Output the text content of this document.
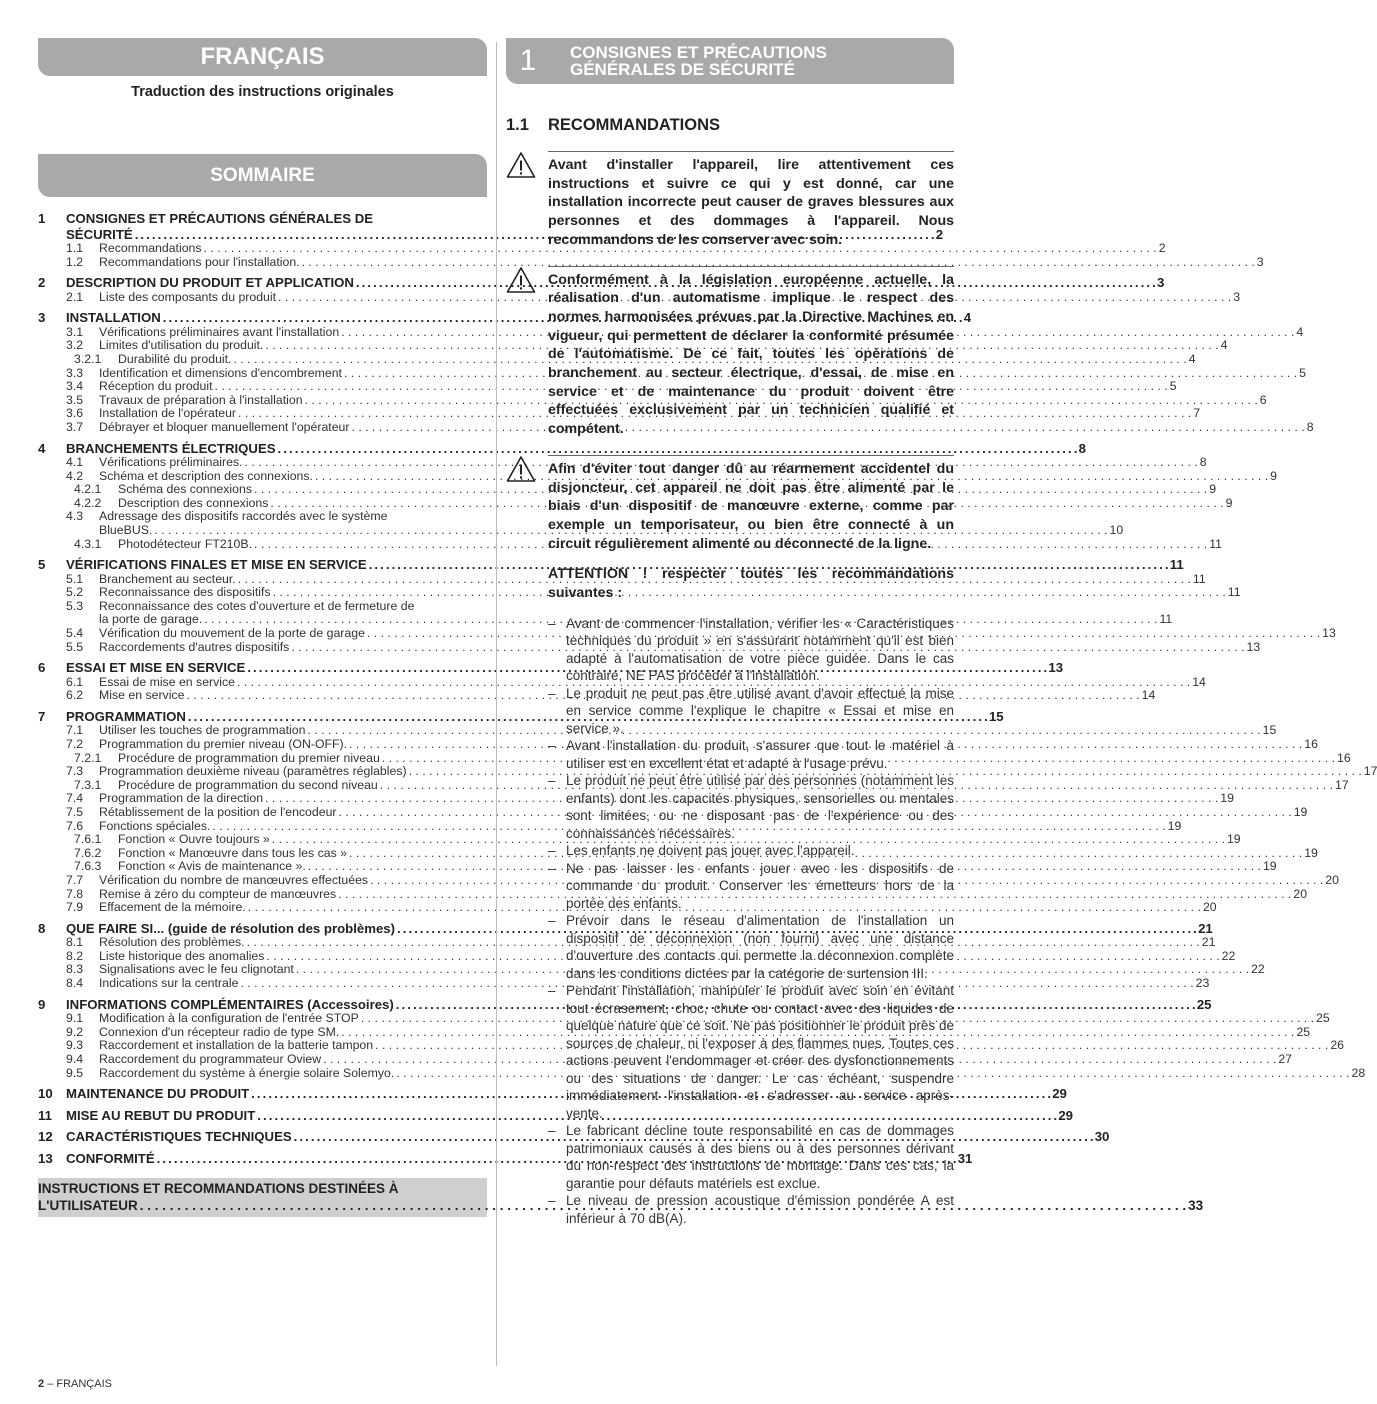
FRANÇAIS
Traduction des instructions originales
SOMMAIRE
1	CONSIGNES ET PRÉCAUTIONS GÉNÉRALES DE
SÉCURITÉ . . .	2
1.1	Recommandations . . .	2
1.2	Recommandations pour l'installation. . . .	3
2	DESCRIPTION DU PRODUIT ET APPLICATION . . .	3
2.1	Liste des composants du produit . . .	3
3	INSTALLATION . . .	4
3.1	Vérifications préliminaires avant l'installation . . .	4
3.2	Limites d'utilisation du produit. . . .	4
3.2.1	Durabilité du produit. . . .	4
3.3	Identification et dimensions d'encombrement . . .	5
3.4	Réception du produit . . .	5
3.5	Travaux de préparation à l'installation . . .	6
3.6	Installation de l'opérateur . . .	7
3.7	Débrayer et bloquer manuellement l'opérateur . . .	8
4	BRANCHEMENTS ÉLECTRIQUES . . .	8
4.1	Vérifications préliminaires. . . .	8
4.2	Schéma et description des connexions. . . .	9
4.2.1	Schéma des connexions . . .	9
4.2.2	Description des connexions . . .	9
4.3	Adressage des dispositifs raccordés avec le système
BlueBUS. . . .	10
4.3.1	Photodétecteur FT210B. . . .	11
5	VÉRIFICATIONS FINALES ET MISE EN SERVICE . . .	11
5.1	Branchement au secteur. . . .	11
5.2	Reconnaissance des dispositifs . . .	11
5.3	Reconnaissance des cotes d'ouverture et de fermeture de
la porte de garage. . . .	11
5.4	Vérification du mouvement de la porte de garage . . .	13
5.5	Raccordements d'autres dispositifs . . .	13
6	ESSAI ET MISE EN SERVICE . . .	13
6.1	Essai de mise en service . . .	14
6.2	Mise en service . . .	14
7	PROGRAMMATION . . .	15
7.1	Utiliser les touches de programmation . . .	15
7.2	Programmation du premier niveau (ON-OFF). . . .	16
7.2.1	Procédure de programmation du premier niveau . . .	16
7.3	Programmation deuxième niveau (paramètres réglables) . . .	17
7.3.1	Procédure de programmation du second niveau . . .	17
7.4	Programmation de la direction . . .	19
7.5	Rétablissement de la position de l'encodeur . . .	19
7.6	Fonctions spéciales. . . .	19
7.6.1	Fonction « Ouvre toujours » . . .	19
7.6.2	Fonction « Manœuvre dans tous les cas » . . .	19
7.6.3	Fonction « Avis de maintenance ». . . .	19
7.7	Vérification du nombre de manœuvres effectuées . . .	20
7.8	Remise à zéro du compteur de manœuvres . . .	20
7.9	Effacement de la mémoire. . . .	20
8	QUE FAIRE SI... (guide de résolution des problèmes) . . .	21
8.1	Résolution des problèmes. . . .	21
8.2	Liste historique des anomalies . . .	22
8.3	Signalisations avec le feu clignotant . . .	22
8.4	Indications sur la centrale . . .	23
9	INFORMATIONS COMPLÉMENTAIRES (Accessoires) . . .	25
9.1	Modification à la configuration de l'entrée STOP . . .	25
9.2	Connexion d'un récepteur radio de type SM. . . .	25
9.3	Raccordement et installation de la batterie tampon . . .	26
9.4	Raccordement du programmateur Oview . . .	27
9.5	Raccordement du système à énergie solaire Solemyo. . . .	28
10	MAINTENANCE DU PRODUIT . . .	29
11	MISE AU REBUT DU PRODUIT . . .	29
12	CARACTÉRISTIQUES TECHNIQUES . . .	30
13	CONFORMITÉ . . .	31
INSTRUCTIONS ET RECOMMANDATIONS DESTINÉES À
L'UTILISATEUR . . .	33
1	CONSIGNES ET PRÉCAUTIONS
GÉNÉRALES DE SÉCURITÉ
1.1	RECOMMANDATIONS
Avant d'installer l'appareil, lire attentivement ces instructions et suivre ce qui y est donné, car une installation incorrecte peut causer de graves blessures aux personnes et des dommages à l'appareil. Nous recommandons de les conserver avec soin.
Conformément à la législation européenne actuelle, la réalisation d'un automatisme implique le respect des normes harmonisées prévues par la Directive Machines en vigueur, qui permettent de déclarer la conformité présumée de l'automatisme. De ce fait, toutes les opérations de branchement au secteur électrique, d'essai, de mise en service et de maintenance du produit doivent être effectuées exclusivement par un technicien qualifié et compétent.
Afin d'éviter tout danger dû au réarmement accidentel du disjoncteur, cet appareil ne doit pas être alimenté par le biais d'un dispositif de manœuvre externe, comme par exemple un temporisateur, ou bien être connecté à un circuit régulièrement alimenté ou déconnecté de la ligne.
ATTENTION ! respecter toutes les recommandations suivantes :
– Avant de commencer l'installation, vérifier les « Caractéristiques techniques du produit » en s'assurant notamment qu'il est bien adapté à l'automatisation de votre pièce guidée. Dans le cas contraire, NE PAS procéder à l'installation.
– Le produit ne peut pas être utilisé avant d'avoir effectué la mise en service comme l'explique le chapitre « Essai et mise en service ».
– Avant l'installation du produit, s'assurer que tout le matériel à utiliser est en excellent état et adapté à l'usage prévu.
– Le produit ne peut être utilisé par des personnes (notamment les enfants) dont les capacités physiques, sensorielles ou mentales sont limitées, ou ne disposant pas de l'expérience ou des connaissances nécessaires.
– Les enfants ne doivent pas jouer avec l'appareil.
– Ne pas laisser les enfants jouer avec les dispositifs de commande du produit. Conserver les émetteurs hors de la portée des enfants.
– Prévoir dans le réseau d'alimentation de l'installation un dispositif de déconnexion (non fourni) avec une distance d'ouverture des contacts qui permette la déconnexion complète dans les conditions dictées par la catégorie de surtension III.
– Pendant l'installation, manipuler le produit avec soin en évitant tout écrasement, choc, chute ou contact avec des liquides de quelque nature que ce soit. Ne pas positionner le produit près de sources de chaleur, ni l'exposer à des flammes nues. Toutes ces actions peuvent l'endommager et créer des dysfonctionnements ou des situations de danger. Le cas échéant, suspendre immédiatement l'installation et s'adresser au service après-vente.
– Le fabricant décline toute responsabilité en cas de dommages patrimoniaux causés à des biens ou à des personnes dérivant du non-respect des instructions de montage. Dans ces cas, la garantie pour défauts matériels est exclue.
– Le niveau de pression acoustique d'émission pondérée A est inférieur à 70 dB(A).
2 – FRANÇAIS
